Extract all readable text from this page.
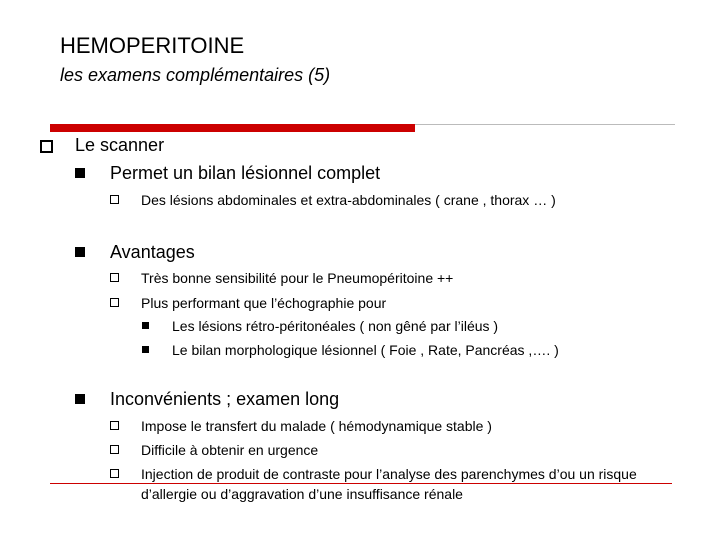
HEMOPERITOINE
les examens complémentaires (5)
Le scanner
Permet un bilan lésionnel complet
Des lésions abdominales et extra-abdominales ( crane , thorax … )
Avantages
Très bonne sensibilité pour le Pneumopéritoine ++
Plus performant que l’échographie pour
Les lésions rétro-péritonéales ( non gêné par l’iléus )
Le bilan morphologique lésionnel ( Foie , Rate, Pancréas ,…. )
Inconvénients ; examen long
Impose le transfert du malade ( hémodynamique stable )
Difficile à obtenir en urgence
Injection de produit de contraste pour l’analyse des parenchymes d’ou un risque d’allergie ou d’aggravation d’une insuffisance rénale
